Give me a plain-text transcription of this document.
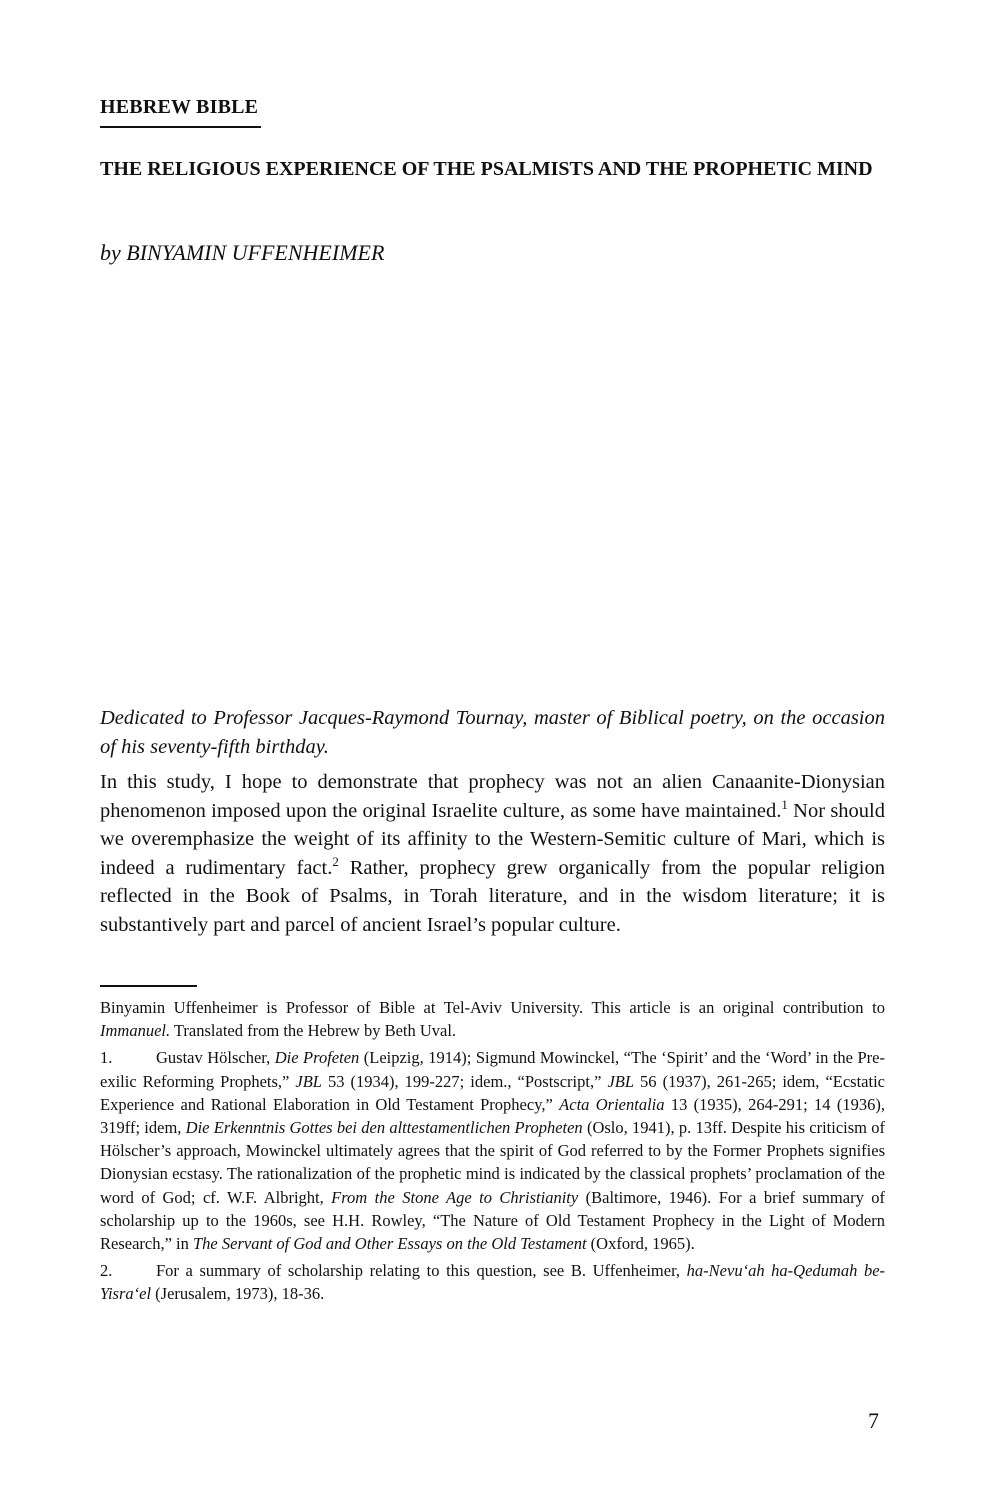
HEBREW BIBLE
THE RELIGIOUS EXPERIENCE OF THE PSALMISTS AND THE PROPHETIC MIND
by BINYAMIN UFFENHEIMER
Dedicated to Professor Jacques-Raymond Tournay, master of Biblical poetry, on the occasion of his seventy-fifth birthday.
In this study, I hope to demonstrate that prophecy was not an alien Canaanite-Dionysian phenomenon imposed upon the original Israelite culture, as some have maintained.$^1$ Nor should we overemphasize the weight of its affinity to the Western-Semitic culture of Mari, which is indeed a rudimentary fact.$^2$ Rather, prophecy grew organically from the popular religion reflected in the Book of Psalms, in Torah literature, and in the wisdom literature; it is substantively part and parcel of ancient Israel’s popular culture.

Binyamin Uffenheimer is Professor of Bible at Tel-Aviv University. This article is an original contribution to Immanuel. Translated from the Hebrew by Beth Uval.

1.	Gustav Hölscher, Die Profeten (Leipzig, 1914); Sigmund Mowinckel, “The ‘Spirit’ and the ‘Word’ in the Pre-exilic Reforming Prophets,” JBL 53 (1934), 199-227; idem., “Postscript,” JBL 56 (1937), 261-265; idem, “Ecstatic Experience and Rational Elaboration in Old Testament Prophecy,” Acta Orientalia 13 (1935), 264-291; 14 (1936), 319ff; idem, Die Erkenntnis Gottes bei den alttestamentlichen Propheten (Oslo, 1941), p. 13ff. Despite his criticism of Hölscher’s approach, Mowinckel ultimately agrees that the spirit of God referred to by the Former Prophets signifies Dionysian ecstasy. The rationalization of the prophetic mind is indicated by the classical prophets’ proclamation of the word of God; cf. W.F. Albright, From the Stone Age to Christianity (Baltimore, 1946). For a brief summary of scholarship up to the 1960s, see H.H. Rowley, “The Nature of Old Testament Prophecy in the Light of Modern Research,” in The Servant of God and Other Essays on the Old Testament (Oxford, 1965).

2.	For a summary of scholarship relating to this question, see B. Uffenheimer, ha-Nevu‘ah ha-Qedumah be-Yisra‘el (Jerusalem, 1973), 18-36.

7
